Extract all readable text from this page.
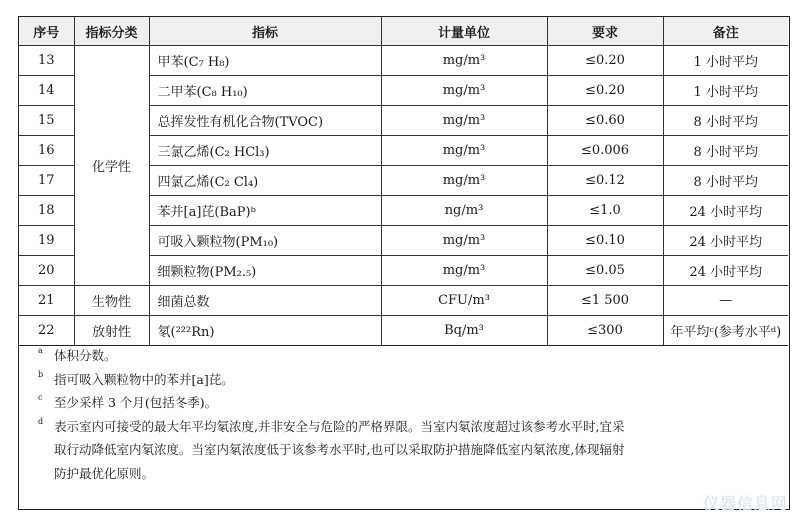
序号	指标分类	指标	计量单位	要求	备注
13	化学性	甲苯(C₇ H₈)	mg/m³	≤0.20	1 小时平均
14		二甲苯(C₈ H₁₀)	mg/m³	≤0.20	1 小时平均
15		总挥发性有机化合物(TVOC)	mg/m³	≤0.60	8 小时平均
16		三氯乙烯(C₂ HCl₃)	mg/m³	≤0.006	8 小时平均
17		四氯乙烯(C₂ Cl₄)	mg/m³	≤0.12	8 小时平均
18		苯并[a]芘(BaP)ᵇ	ng/m³	≤1.0	24 小时平均
19		可吸入颗粒物(PM₁₀)	mg/m³	≤0.10	24 小时平均
20		细颗粒物(PM₂.₅)	mg/m³	≤0.05	24 小时平均
21	生物性	细菌总数	CFU/m³	≤1 500	—
22	放射性	氡(²²²Rn)	Bq/m³	≤300	年平均ᶜ(参考水平ᵈ)
a 体积分数。
b 指可吸入颗粒物中的苯并[a]芘。
c 至少采样 3 个月(包括冬季)。
d 表示室内可接受的最大年平均氡浓度,并非安全与危险的严格界限。当室内氡浓度超过该参考水平时,宜采
取行动降低室内氡浓度。当室内氡浓度低于该参考水平时,也可以采取防护措施降低室内氡浓度,体现辐射
防护最优化原则。
仪器信息网
